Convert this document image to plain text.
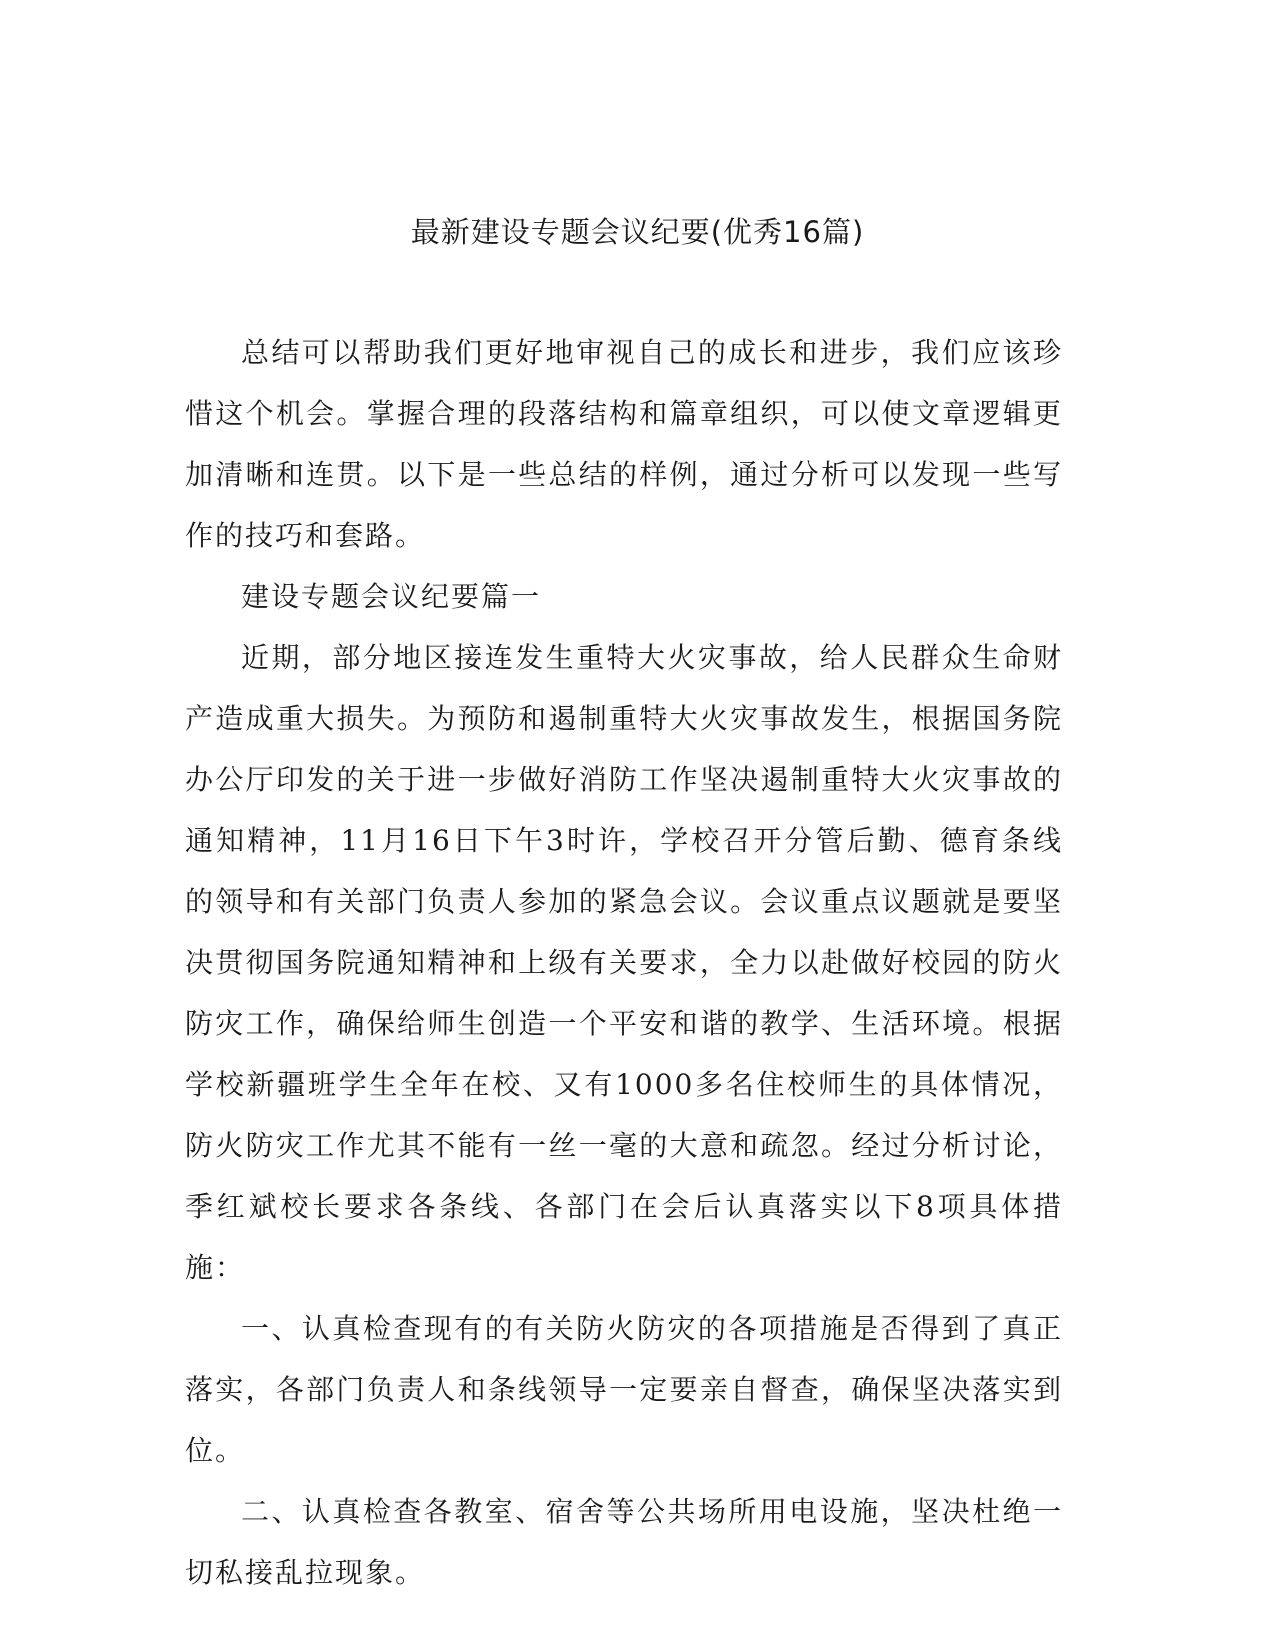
最新建设专题会议纪要(优秀16篇)

总结可以帮助我们更好地审视自己的成长和进步，我们应该珍惜这个机会。掌握合理的段落结构和篇章组织，可以使文章逻辑更加清晰和连贯。以下是一些总结的样例，通过分析可以发现一些写作的技巧和套路。

建设专题会议纪要篇一

近期，部分地区接连发生重特大火灾事故，给人民群众生命财产造成重大损失。为预防和遏制重特大火灾事故发生，根据国务院办公厅印发的关于进一步做好消防工作坚决遏制重特大火灾事故的通知精神，11月16日下午3时许，学校召开分管后勤、德育条线的领导和有关部门负责人参加的紧急会议。会议重点议题就是要坚决贯彻国务院通知精神和上级有关要求，全力以赴做好校园的防火防灾工作，确保给师生创造一个平安和谐的教学、生活环境。根据学校新疆班学生全年在校、又有1000多名住校师生的具体情况，防火防灾工作尤其不能有一丝一毫的大意和疏忽。经过分析讨论，季红斌校长要求各条线、各部门在会后认真落实以下8项具体措施：

一、认真检查现有的有关防火防灾的各项措施是否得到了真正落实，各部门负责人和条线领导一定要亲自督查，确保坚决落实到位。

二、认真检查各教室、宿舍等公共场所用电设施，坚决杜绝一切私接乱拉现象。
